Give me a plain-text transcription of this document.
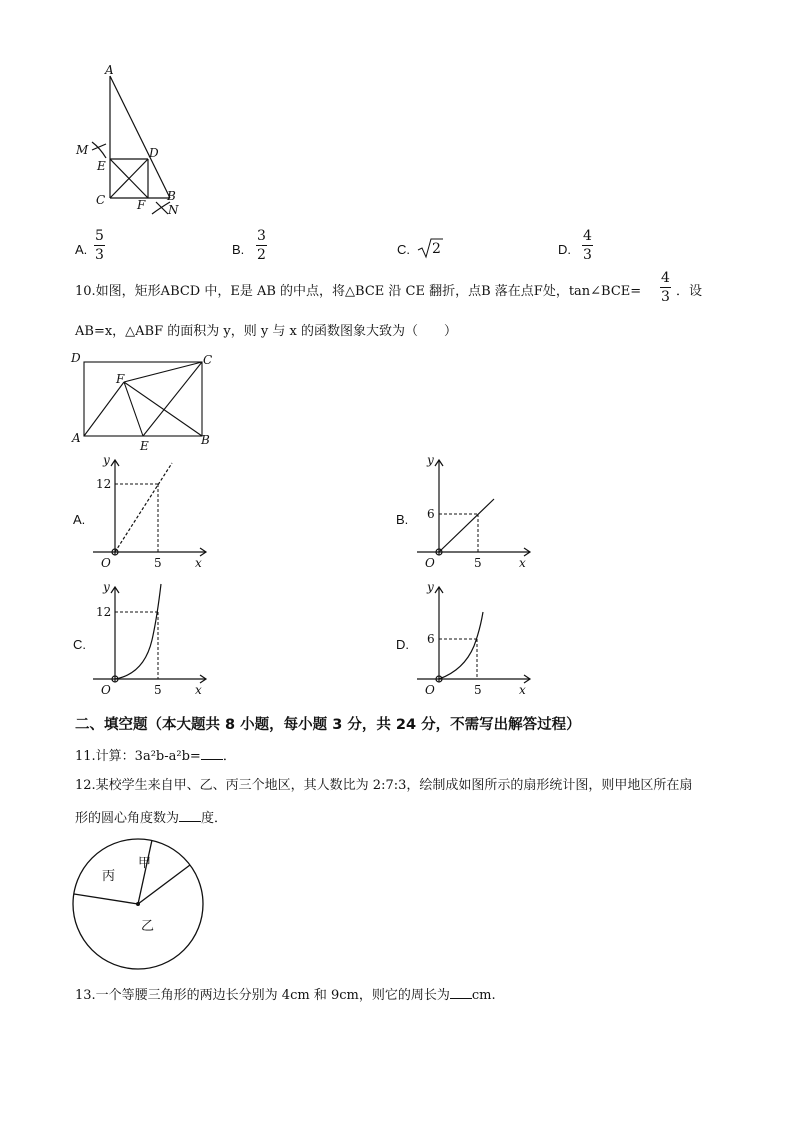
A
M
E
D
C	F
B
N
A.
5
3	B.
3
2	C. 2	D.
4
3
10.如图，矩形ABCD 中，E是 AB 的中点，将△BCE 沿 CE 翻折，点B 落在点F处，tan∠BCE=
4
3 ．设
AB=x，△ABF 的面积为 y，则 y 与 x 的函数图象大致为（　　）
D	C
F
A
E	B
A.
y
12
5
O	x
B.
y
6
5
O	x
C.
y
12
5
O	x
D.
y
6
5
O	x
二、填空题（本大题共 8 小题，每小题 3 分，共 24 分，不需写出解答过程）
11.计算：3a²b-a²b= ．
12.某校学生来自甲、乙、丙三个地区，其人数比为 2:7:3，绘制成如图所示的扇形统计图，则甲地区所在扇
形的圆心角度数为 度．
丙
甲
乙
13.一个等腰三角形的两边长分别为 4cm 和 9cm，则它的周长为 cm.
